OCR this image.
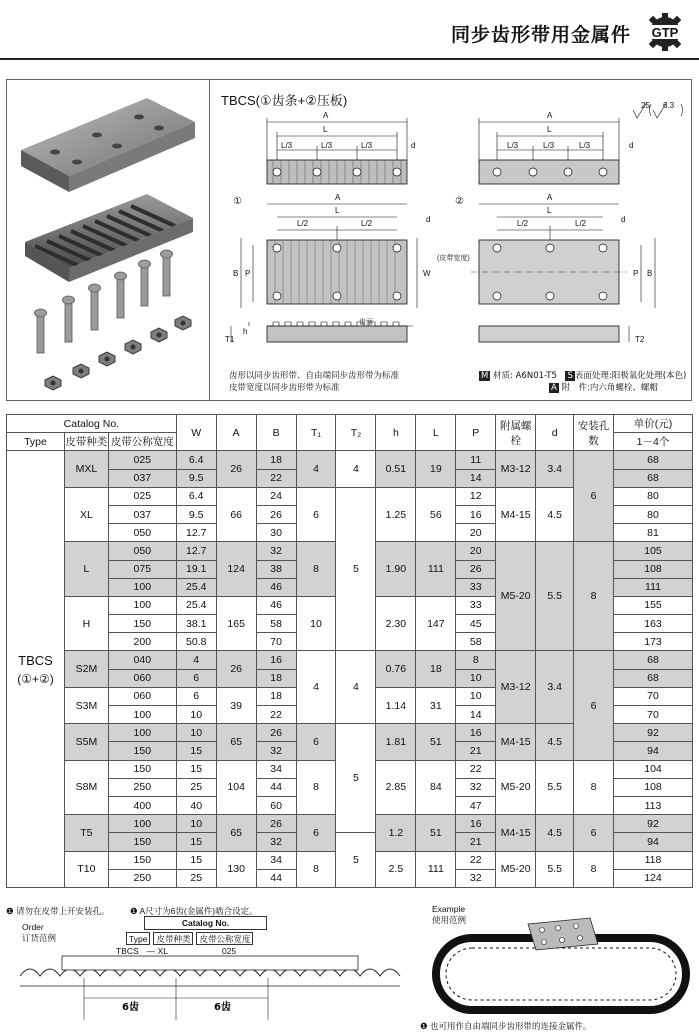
同步齿形带用金属件 GTP
TBCS(①齿条+②压板)	25 6.3
A
L
L/3	L/3	L/3	d
A
L
L/3	L/3	L/3	d
①	②
A
L
L/2	L/2	d
A
L
L/2	L/2	d
B P	W
(皮带宽度)
P B
T1
h
齿面
T2
齿形以同步齿形带、自由端同步齿形带为标准
皮带宽度以同步齿形带为标准
M 材质: A6N01-T5　 S 表面处理:阳极氧化处理(本色)
A 附　件:内六角螺栓、螺帽
Catalog No.			W	A	B	T₁	T₂	h	L	P	附属螺栓	d	安装孔数	单价(元)
Type	皮带种类	皮带公称宽度												1－4个

TBCS
(①+②)	MXL	025	6.4	26	18	4	4	0.51	19	11	M3-12	3.4	6	68
		037	9.5		22					14				68
	XL	025	6.4	66	24	6	5	1.25	56	12	M4-15	4.5		80
		037	9.5		26					16				80
		050	12.7		30					20				81
	L	050	12.7	124	32	8		1.90	111	20	M5-20	5.5	8	105
		075	19.1		38					26				108
		100	25.4		46					33				111
	H	100	25.4	165	46	10		2.30	147	33				155
		150	38.1		58					45				163
		200	50.8		70					58				173
	S2M	040	4	26	16	4	4	0.76	18	8	M3-12	3.4	6	68
		060	6		18					10				68
	S3M	060	6	39	18			1.14	31	10				70
		100	10		22					14				70
	S5M	100	10	65	26	6	5	1.81	51	16	M4-15	4.5		92
		150	15		32					21				94
	S8M	150	15	104	34	8		2.85	84	22	M5-20	5.5	8	104
		250	25		44					32				108
		400	40		60					47				113
	T5	100	10	65	26	6		1.2	51	16	M4-15	4.5	6	92
		150	15		32		5			21				94
	T10	150	15	130	34	8		2.5	111	22	M5-20	5.5	8	118
		250	25		44					32				124
❶ 请勿在皮带上开安装孔。 ❶ A尺寸为6齿(金属件)啮合设定。
Order
订货范例
Catalog No.
Type	皮带种类	皮带公称宽度
TBCS — XL	025
6齿	6齿
Example
使用范例
❶ 也可用作自由端同步齿形带的连接金属件。
